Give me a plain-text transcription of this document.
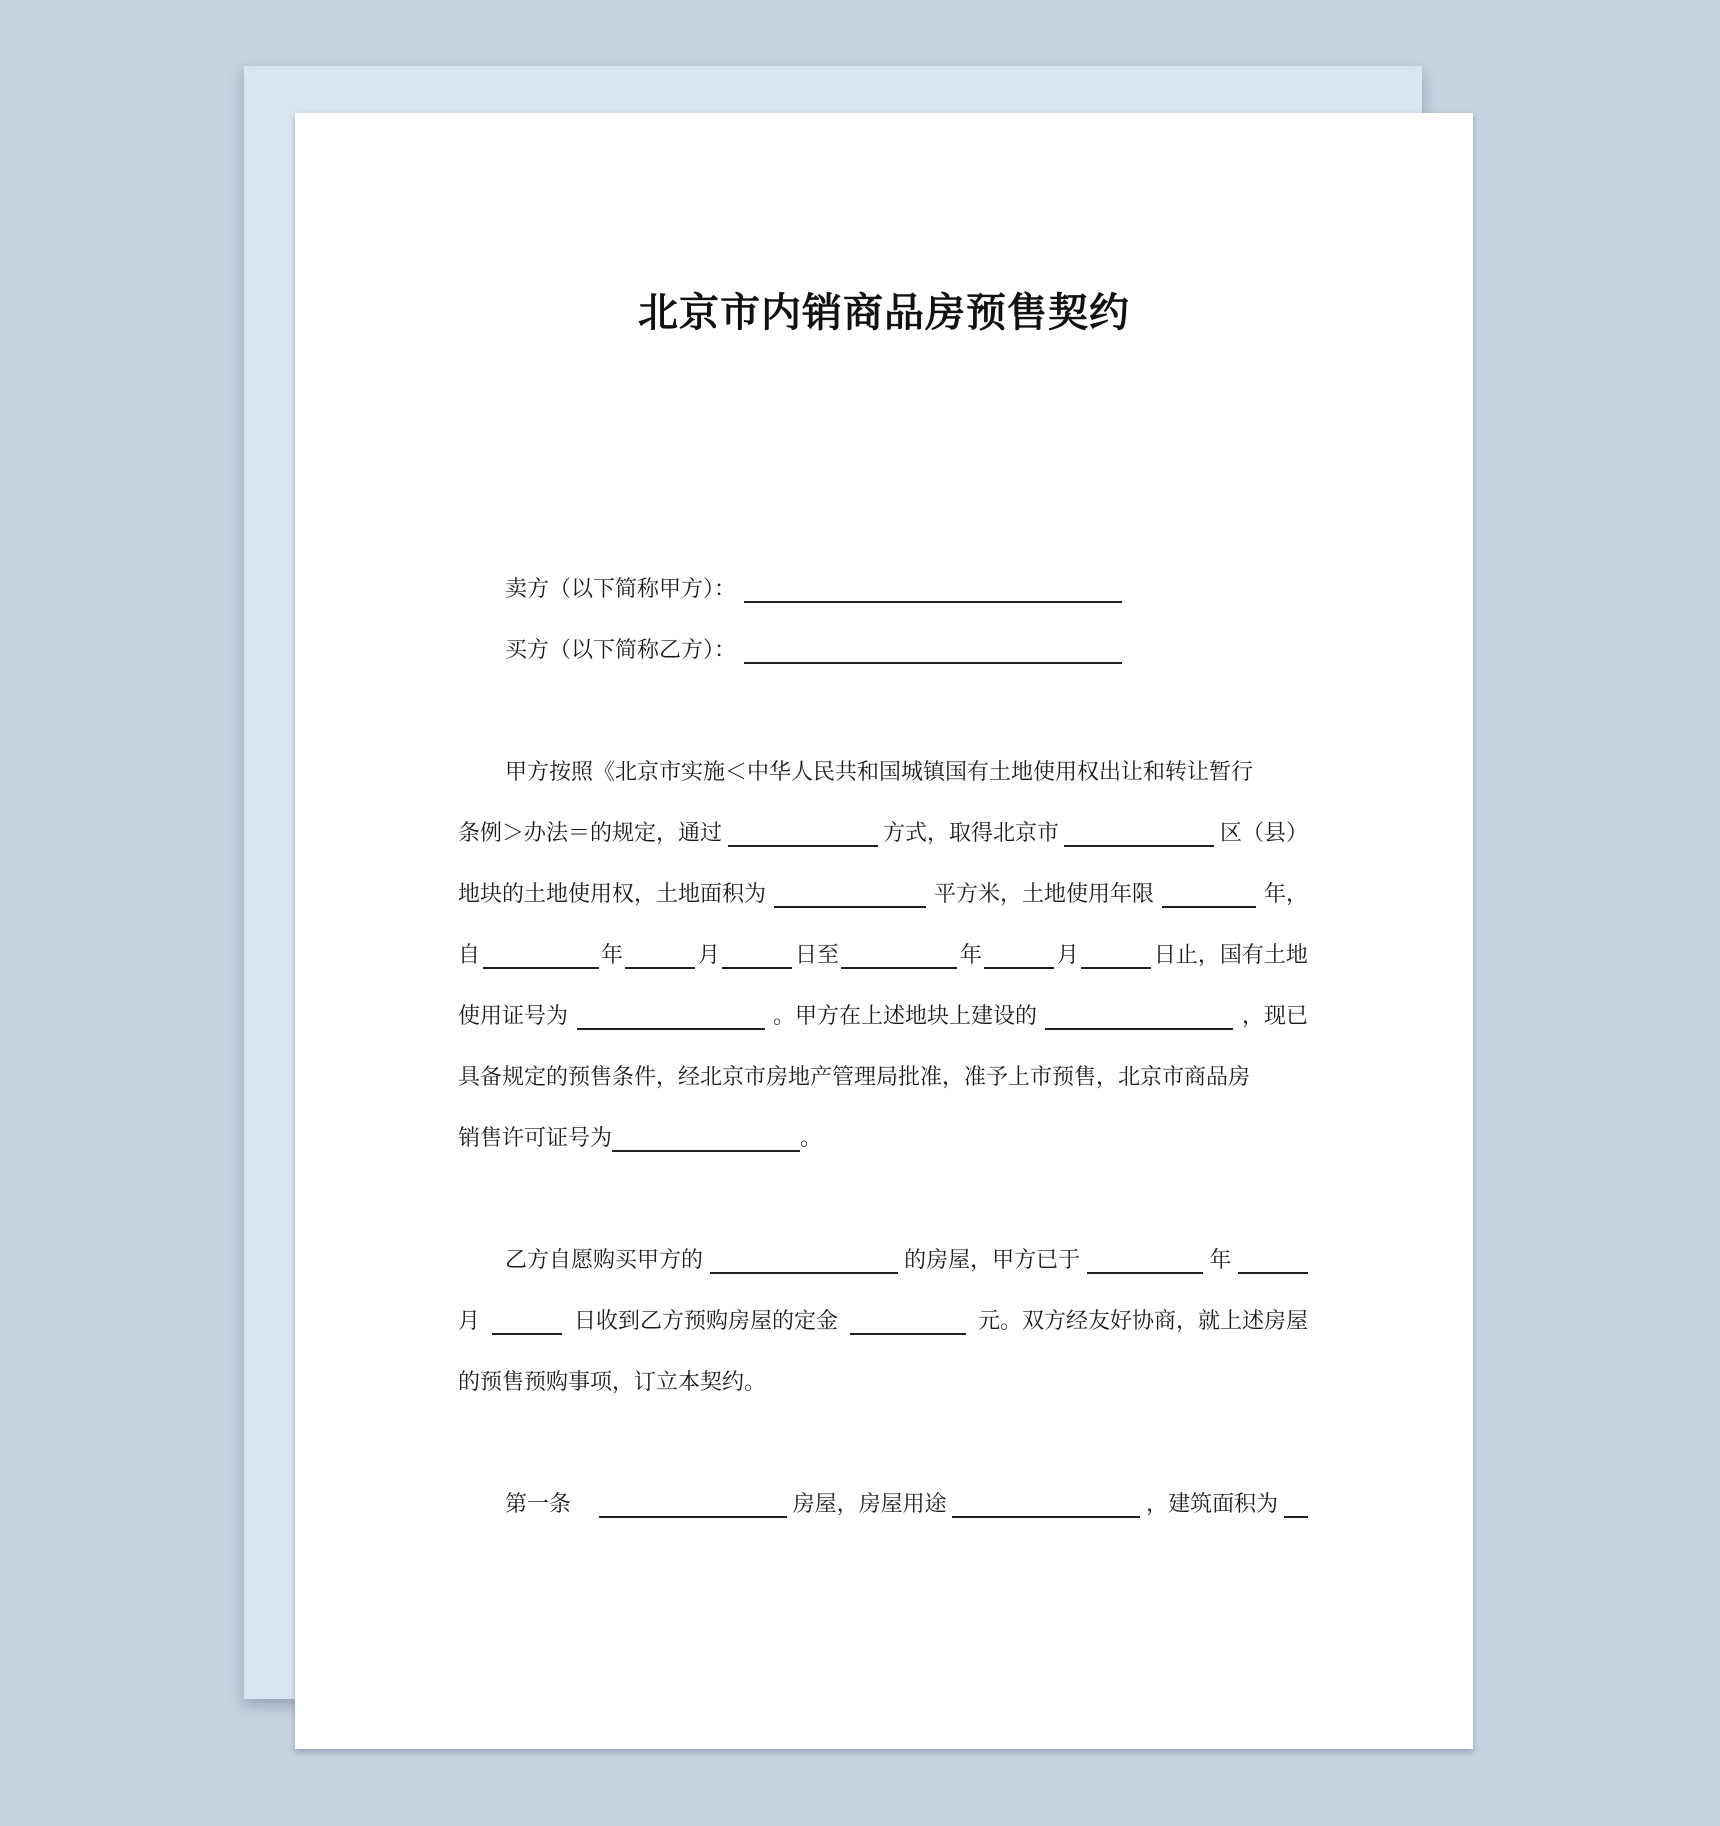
北京市内销商品房预售契约
卖方（以下简称甲方）：
买方（以下简称乙方）：
甲方按照《北京市实施＜中华人民共和国城镇国有土地使用权出让和转让暂行
条例＞办法＝的规定，通过	方式，取得北京市	区（县）
地块的土地使用权，土地面积为	平方米，土地使用年限	年，
自	年	月	日至	年	月	日止，国有土地
使用证号为	。甲方在上述地块上建设的	，现已
具备规定的预售条件，经北京市房地产管理局批准，准予上市预售，北京市商品房
销售许可证号为	。
乙方自愿购买甲方的	的房屋，甲方已于	年
月	日收到乙方预购房屋的定金	元。双方经友好协商，就上述房屋
的预售预购事项，订立本契约。
第一条	房屋，房屋用途	，建筑面积为
